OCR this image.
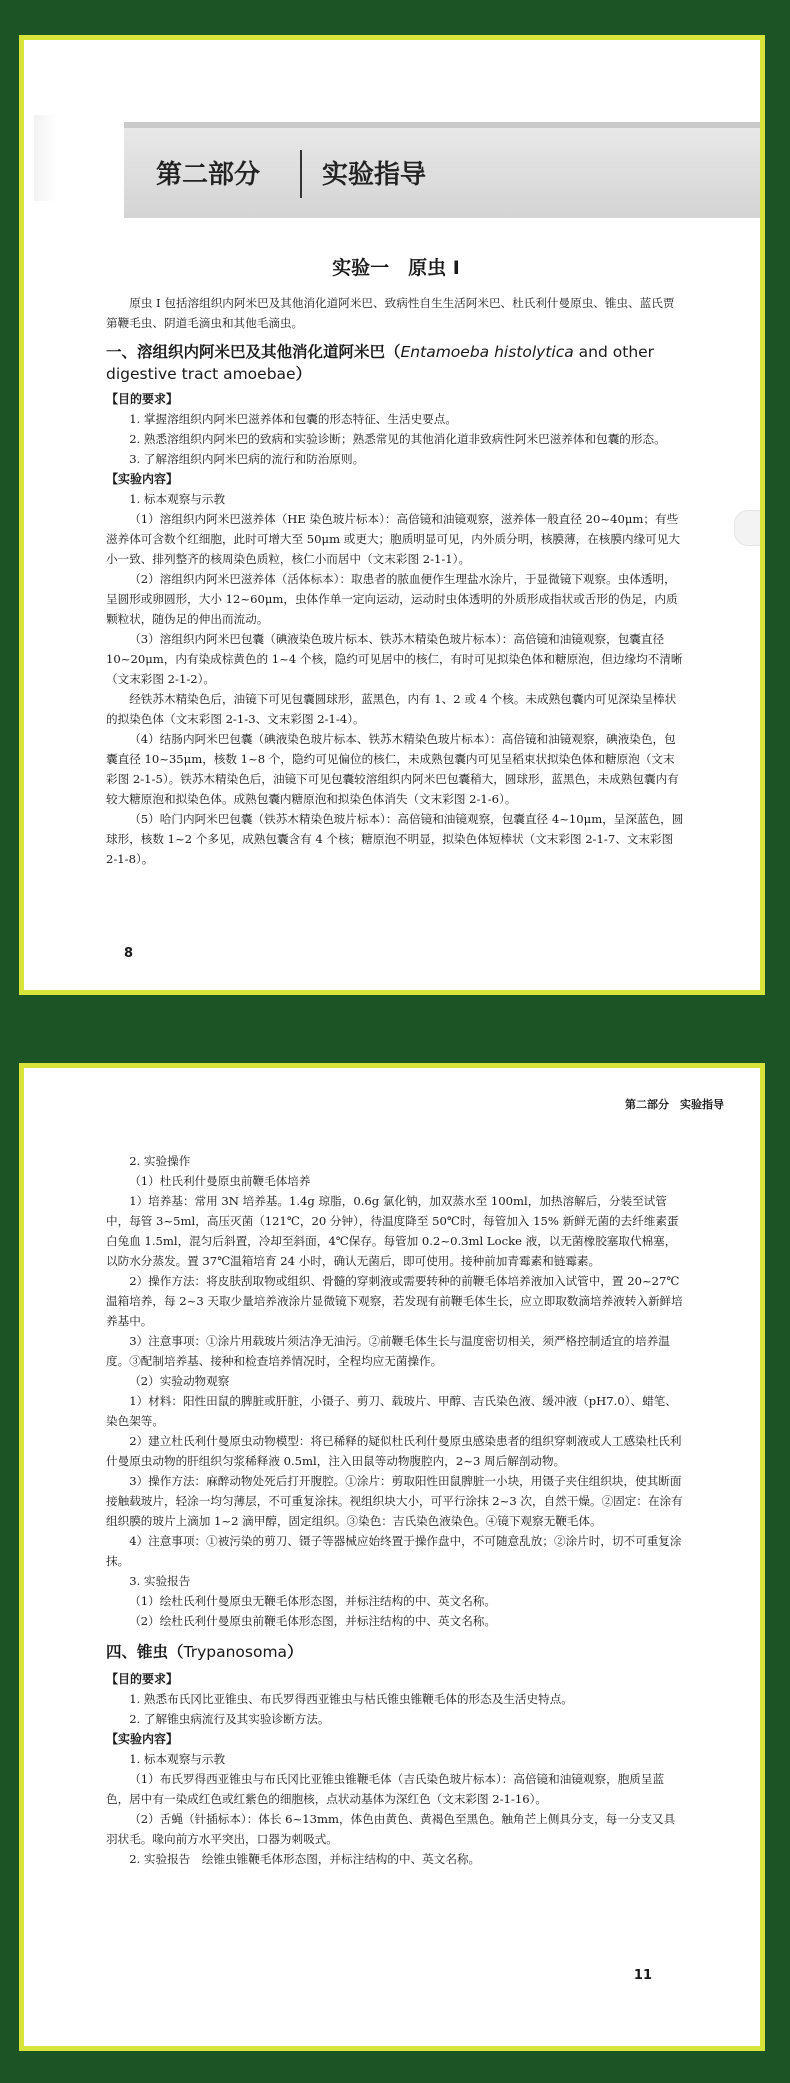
第二部分 实验指导

实验一　原虫 I

原虫 I 包括溶组织内阿米巴及其他消化道阿米巴、致病性自生生活阿米巴、杜氏利什曼原虫、锥虫、蓝氏贾第鞭毛虫、阴道毛滴虫和其他毛滴虫。

一、溶组织内阿米巴及其他消化道阿米巴（Entamoeba histolytica and other digestive tract amoebae）

【目的要求】

1. 掌握溶组织内阿米巴滋养体和包囊的形态特征、生活史要点。

2. 熟悉溶组织内阿米巴的致病和实验诊断；熟悉常见的其他消化道非致病性阿米巴滋养体和包囊的形态。

3. 了解溶组织内阿米巴病的流行和防治原则。

【实验内容】

1. 标本观察与示教

（1）溶组织内阿米巴滋养体（HE 染色玻片标本）：高倍镜和油镜观察，滋养体一般直径 20~40μm；有些滋养体可含数个红细胞，此时可增大至 50μm 或更大；胞质明显可见，内外质分明，核膜薄，在核膜内缘可见大小一致、排列整齐的核周染色质粒，核仁小而居中（文末彩图 2-1-1）。

（2）溶组织内阿米巴滋养体（活体标本）：取患者的脓血便作生理盐水涂片，于显微镜下观察。虫体透明，呈圆形或卵圆形，大小 12~60μm，虫体作单一定向运动，运动时虫体透明的外质形成指状或舌形的伪足，内质颗粒状，随伪足的伸出而流动。

（3）溶组织内阿米巴包囊（碘液染色玻片标本、铁苏木精染色玻片标本）：高倍镜和油镜观察，包囊直径 10~20μm，内有染成棕黄色的 1~4 个核，隐约可见居中的核仁，有时可见拟染色体和糖原泡，但边缘均不清晰（文末彩图 2-1-2）。

经铁苏木精染色后，油镜下可见包囊圆球形，蓝黑色，内有 1、2 或 4 个核。未成熟包囊内可见深染呈棒状的拟染色体（文末彩图 2-1-3、文末彩图 2-1-4）。

（4）结肠内阿米巴包囊（碘液染色玻片标本、铁苏木精染色玻片标本）：高倍镜和油镜观察，碘液染色，包囊直径 10~35μm，核数 1~8 个，隐约可见偏位的核仁，未成熟包囊内可见呈稻束状拟染色体和糖原泡（文末彩图 2-1-5）。铁苏木精染色后，油镜下可见包囊较溶组织内阿米巴包囊稍大，圆球形，蓝黑色，未成熟包囊内有较大糖原泡和拟染色体。成熟包囊内糖原泡和拟染色体消失（文末彩图 2-1-6）。

（5）哈门内阿米巴包囊（铁苏木精染色玻片标本）：高倍镜和油镜观察，包囊直径 4~10μm，呈深蓝色，圆球形，核数 1~2 个多见，成熟包囊含有 4 个核；糖原泡不明显，拟染色体短棒状（文末彩图 2-1-7、文末彩图 2-1-8）。

8
第二部分　实验指导

2. 实验操作

（1）杜氏利什曼原虫前鞭毛体培养

1）培养基：常用 3N 培养基。1.4g 琼脂，0.6g 氯化钠，加双蒸水至 100ml，加热溶解后，分装至试管中，每管 3~5ml，高压灭菌（121℃，20 分钟），待温度降至 50℃时，每管加入 15% 新鲜无菌的去纤维素蛋白兔血 1.5ml，混匀后斜置，冷却至斜面，4℃保存。每管加 0.2~0.3ml Locke 液，以无菌橡胶塞取代棉塞，以防水分蒸发。置 37℃温箱培育 24 小时，确认无菌后，即可使用。接种前加青霉素和链霉素。

2）操作方法：将皮肤刮取物或组织、骨髓的穿刺液或需要转种的前鞭毛体培养液加入试管中，置 20~27℃温箱培养，每 2~3 天取少量培养液涂片显微镜下观察，若发现有前鞭毛体生长，应立即取数滴培养液转入新鲜培养基中。

3）注意事项：①涂片用载玻片须洁净无油污。②前鞭毛体生长与温度密切相关，须严格控制适宜的培养温度。③配制培养基、接种和检查培养情况时，全程均应无菌操作。

（2）实验动物观察

1）材料：阳性田鼠的脾脏或肝脏，小镊子、剪刀、载玻片、甲醇、吉氏染色液、缓冲液（pH7.0）、蜡笔、染色架等。

2）建立杜氏利什曼原虫动物模型：将已稀释的疑似杜氏利什曼原虫感染患者的组织穿刺液或人工感染杜氏利什曼原虫动物的肝组织匀浆稀释液 0.5ml，注入田鼠等动物腹腔内，2~3 周后解剖动物。

3）操作方法：麻醉动物处死后打开腹腔。①涂片：剪取阳性田鼠脾脏一小块，用镊子夹住组织块，使其断面接触载玻片，轻涂一均匀薄层，不可重复涂抹。视组织块大小，可平行涂抹 2~3 次，自然干燥。②固定：在涂有组织膜的玻片上滴加 1~2 滴甲醇，固定组织。③染色：吉氏染色液染色。④镜下观察无鞭毛体。

4）注意事项：①被污染的剪刀、镊子等器械应始终置于操作盘中，不可随意乱放；②涂片时，切不可重复涂抹。

3. 实验报告

（1）绘杜氏利什曼原虫无鞭毛体形态图，并标注结构的中、英文名称。

（2）绘杜氏利什曼原虫前鞭毛体形态图，并标注结构的中、英文名称。

四、锥虫（Trypanosoma）

【目的要求】

1. 熟悉布氏冈比亚锥虫、布氏罗得西亚锥虫与枯氏锥虫锥鞭毛体的形态及生活史特点。

2. 了解锥虫病流行及其实验诊断方法。

【实验内容】

1. 标本观察与示教

（1）布氏罗得西亚锥虫与布氏冈比亚锥虫锥鞭毛体（吉氏染色玻片标本）：高倍镜和油镜观察，胞质呈蓝色，居中有一染成红色或红紫色的细胞核，点状动基体为深红色（文末彩图 2-1-16）。

（2）舌蝇（针插标本）：体长 6~13mm，体色由黄色、黄褐色至黑色。触角芒上侧具分支，每一分支又具羽状毛。喙向前方水平突出，口器为刺吸式。

2. 实验报告　绘锥虫锥鞭毛体形态图，并标注结构的中、英文名称。

11
